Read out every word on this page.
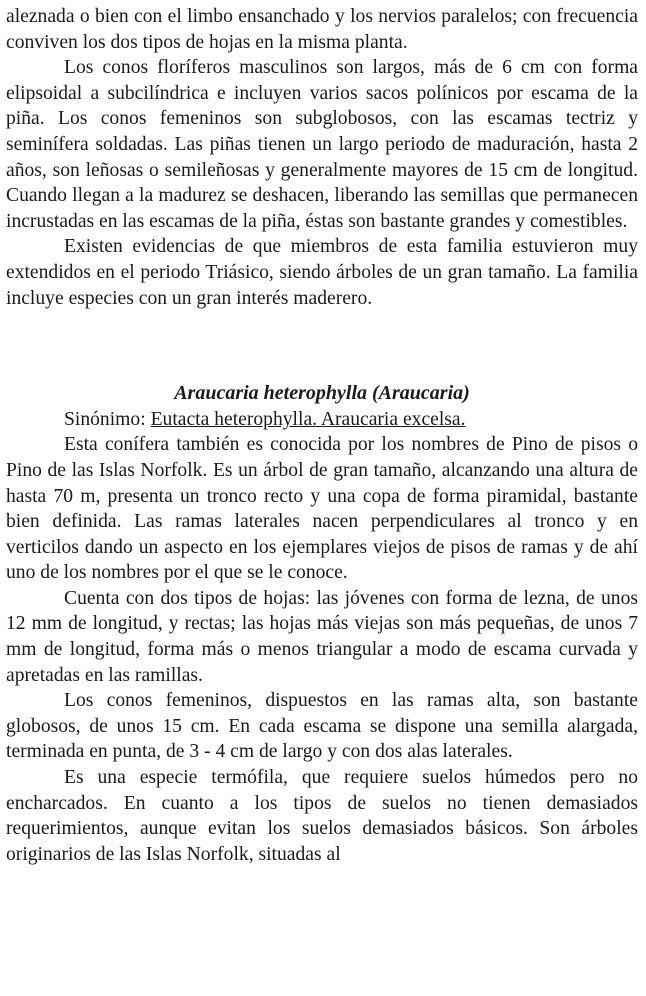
aleznada o bien con el limbo ensanchado y los nervios paralelos; con frecuencia conviven los dos tipos de hojas en la misma planta.

Los conos floríferos masculinos son largos, más de 6 cm con forma elipsoidal a subcilíndrica e incluyen varios sacos polínicos por escama de la piña. Los conos femeninos son subglobosos, con las escamas tectriz y seminífera soldadas. Las piñas tienen un largo periodo de maduración, hasta 2 años, son leñosas o semileñosas y generalmente mayores de 15 cm de longitud. Cuando llegan a la madurez se deshacen, liberando las semillas que permanecen incrustadas en las escamas de la piña, éstas son bastante grandes y comestibles.

Existen evidencias de que miembros de esta familia estuvieron muy extendidos en el periodo Triásico, siendo árboles de un gran tamaño. La familia incluye especies con un gran interés maderero.

Araucaria heterophylla (Araucaria)

Sinónimo: Eutacta heterophylla. Araucaria excelsa.

Esta conífera también es conocida por los nombres de Pino de pisos o Pino de las Islas Norfolk. Es un árbol de gran tamaño, alcanzando una altura de hasta 70 m, presenta un tronco recto y una copa de forma piramidal, bastante bien definida. Las ramas laterales nacen perpendiculares al tronco y en verticilos dando un aspecto en los ejemplares viejos de pisos de ramas y de ahí uno de los nombres por el que se le conoce.

Cuenta con dos tipos de hojas: las jóvenes con forma de lezna, de unos 12 mm de longitud, y rectas; las hojas más viejas son más pequeñas, de unos 7 mm de longitud, forma más o menos triangular a modo de escama curvada y apretadas en las ramillas.

Los conos femeninos, dispuestos en las ramas alta, son bastante globosos, de unos 15 cm. En cada escama se dispone una semilla alargada, terminada en punta, de 3 - 4 cm de largo y con dos alas laterales.

Es una especie termófila, que requiere suelos húmedos pero no encharcados. En cuanto a los tipos de suelos no tienen demasiados requerimientos, aunque evitan los suelos demasiados básicos. Son árboles originarios de las Islas Norfolk, situadas al
